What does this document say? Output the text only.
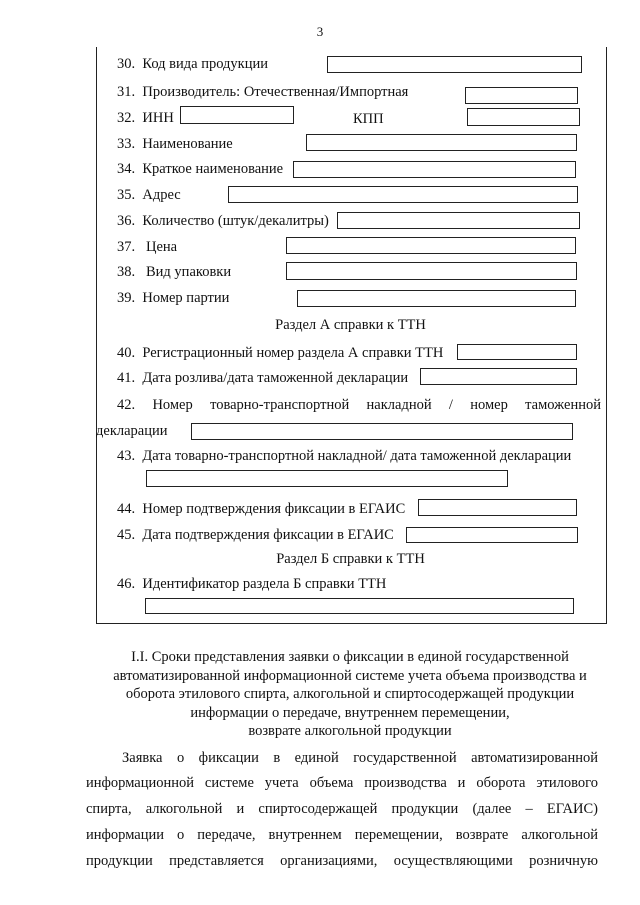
3
30. Код вида продукции
31. Производитель: Отечественная/Импортная
32. ИНН	КПП
33. Наименование
34. Краткое наименование
35. Адрес
36. Количество (штук/декалитры)
37. Цена
38. Вид упаковки
39. Номер партии
Раздел А справки к ТТН
40. Регистрационный номер раздела А справки ТТН
41. Дата розлива/дата таможенной декларации
42. Номер товарно-транспортной накладной / номер таможенной
декларации
43. Дата товарно-транспортной накладной/ дата таможенной декларации
44. Номер подтверждения фиксации в ЕГАИС
45. Дата подтверждения фиксации в ЕГАИС
Раздел Б справки к ТТН
46. Идентификатор раздела Б справки ТТН
I.I. Сроки представления заявки о фиксации в единой государственной
автоматизированной информационной системе учета объема производства и
оборота этилового спирта, алкогольной и спиртосодержащей продукции
информации о передаче, внутреннем перемещении,
возврате алкогольной продукции
Заявка о фиксации в единой государственной автоматизированной
информационной системе учета объема производства и оборота этилового
спирта, алкогольной и спиртосодержащей продукции (далее – ЕГАИС)
информации о передаче, внутреннем перемещении, возврате алкогольной
продукции представляется организациями, осуществляющими розничную
